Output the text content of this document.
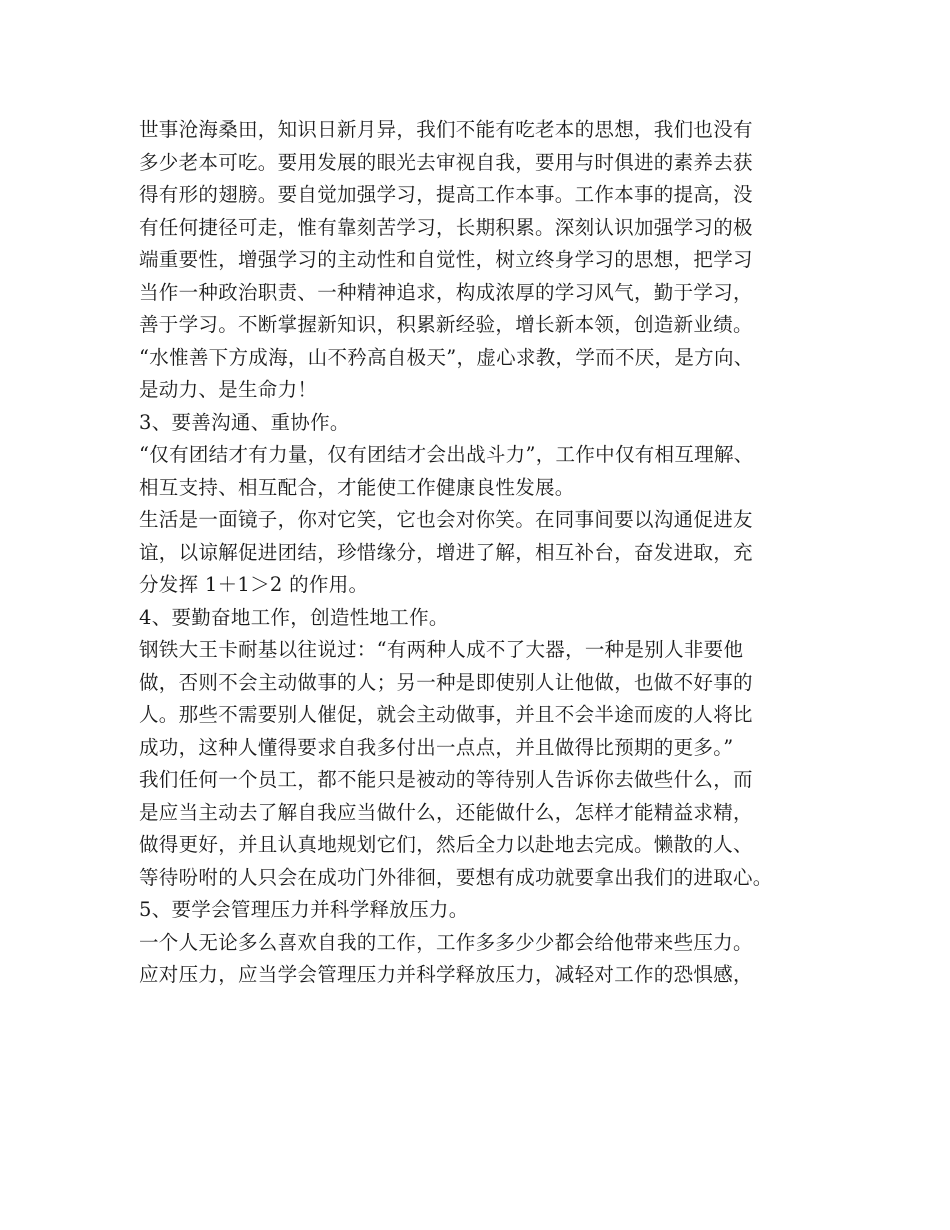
世事沧海桑田，知识日新月异，我们不能有吃老本的思想，我们也没有
多少老本可吃。要用发展的眼光去审视自我，要用与时俱进的素养去获
得有形的翅膀。要自觉加强学习，提高工作本事。工作本事的提高，没
有任何捷径可走，惟有靠刻苦学习，长期积累。深刻认识加强学习的极
端重要性，增强学习的主动性和自觉性，树立终身学习的思想，把学习
当作一种政治职责、一种精神追求，构成浓厚的学习风气，勤于学习，
善于学习。不断掌握新知识，积累新经验，增长新本领，创造新业绩。
“水惟善下方成海，山不矜高自极天”，虚心求教，学而不厌，是方向、
是动力、是生命力！
3、要善沟通、重协作。
“仅有团结才有力量，仅有团结才会出战斗力”，工作中仅有相互理解、
相互支持、相互配合，才能使工作健康良性发展。
生活是一面镜子，你对它笑，它也会对你笑。在同事间要以沟通促进友
谊，以谅解促进团结，珍惜缘分，增进了解，相互补台，奋发进取，充
分发挥 1＋1＞2 的作用。
4、要勤奋地工作，创造性地工作。
钢铁大王卡耐基以往说过：“有两种人成不了大器，一种是别人非要他
做，否则不会主动做事的人；另一种是即使别人让他做，也做不好事的
人。那些不需要别人催促，就会主动做事，并且不会半途而废的人将比
成功，这种人懂得要求自我多付出一点点，并且做得比预期的更多。”
我们任何一个员工，都不能只是被动的等待别人告诉你去做些什么，而
是应当主动去了解自我应当做什么，还能做什么，怎样才能精益求精，
做得更好，并且认真地规划它们，然后全力以赴地去完成。懒散的人、
等待吩咐的人只会在成功门外徘徊，要想有成功就要拿出我们的进取心。
5、要学会管理压力并科学释放压力。
一个人无论多么喜欢自我的工作，工作多多少少都会给他带来些压力。
应对压力，应当学会管理压力并科学释放压力，减轻对工作的恐惧感，
